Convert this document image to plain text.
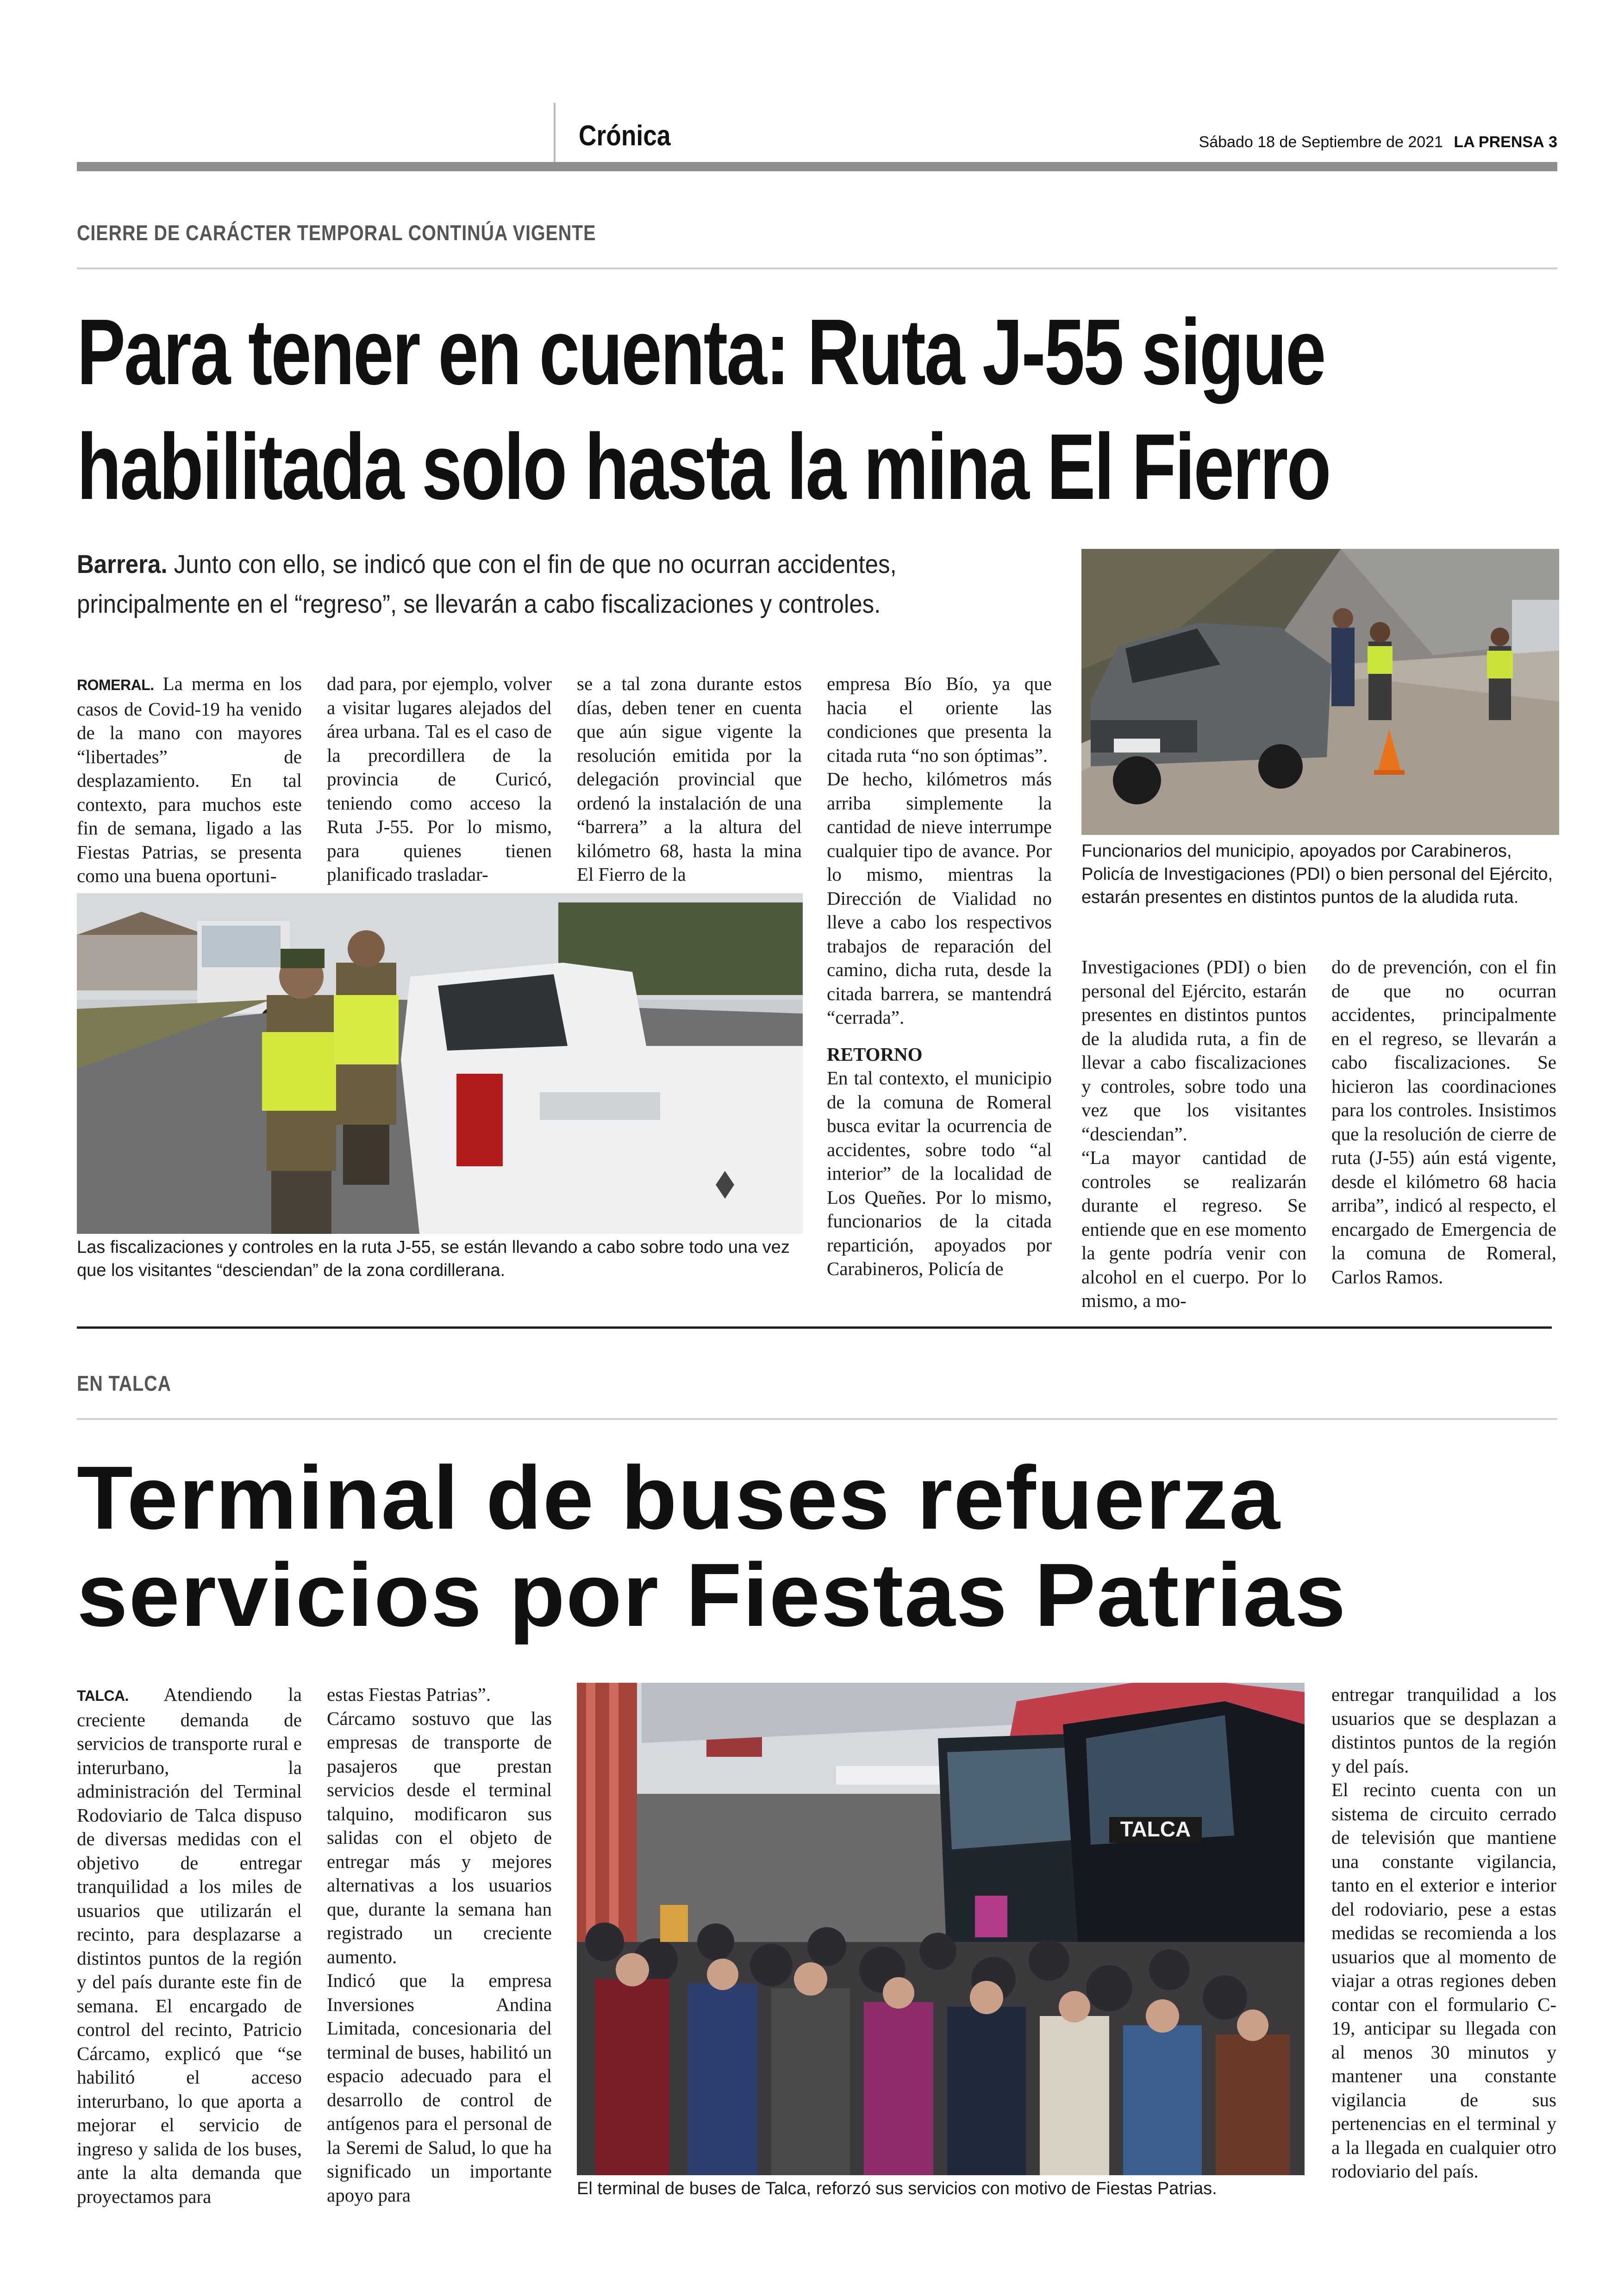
Crónica	Sábado 18 de Septiembre de 2021 LA PRENSA 3
CIERRE DE CARÁCTER TEMPORAL CONTINÚA VIGENTE
Para tener en cuenta: Ruta J-55 sigue
habilitada solo hasta la mina El Fierro
Barrera. Junto con ello, se indicó que con el fin de que no ocurran accidentes,
principalmente en el “regreso”, se llevarán a cabo fiscalizaciones y controles.
Funcionarios del municipio, apoyados por Carabineros, Policía de Investigaciones (PDI) o bien personal del Ejército, estarán presentes en distintos puntos de la aludida ruta.

ROMERAL. La merma en los casos de Covid-19 ha venido de la mano con mayores “libertades” de desplazamiento. En tal contexto, para muchos este fin de semana, ligado a las Fiestas Patrias, se presenta como una buena oportuni-

dad para, por ejemplo, volver a visitar lugares alejados del área urbana. Tal es el caso de la precordillera de la provincia de Curicó, teniendo como acceso la Ruta J-55. Por lo mismo, para quienes tienen planificado trasladar-

se a tal zona durante estos días, deben tener en cuenta que aún sigue vigente la resolución emitida por la delegación provincial que ordenó la instalación de una “barrera” a la altura del kilómetro 68, hasta la mina El Fierro de la

empresa Bío Bío, ya que hacia el oriente las condiciones que presenta la citada ruta “no son óptimas”.

De hecho, kilómetros más arriba simplemente la cantidad de nieve interrumpe cualquier tipo de avance. Por lo mismo, mientras la Dirección de Vialidad no lleve a cabo los respectivos trabajos de reparación del camino, dicha ruta, desde la citada barrera, se mantendrá “cerrada”.

RETORNO

En tal contexto, el municipio de la comuna de Romeral busca evitar la ocurrencia de accidentes, sobre todo “al interior” de la localidad de Los Queñes. Por lo mismo, funcionarios de la citada repartición, apoyados por Carabineros, Policía de

Investigaciones (PDI) o bien personal del Ejército, estarán presentes en distintos puntos de la aludida ruta, a fin de llevar a cabo fiscalizaciones y controles, sobre todo una vez que los visitantes “desciendan”.

“La mayor cantidad de controles se realizarán durante el regreso. Se entiende que en ese momento la gente podría venir con alcohol en el cuerpo. Por lo mismo, a mo-

do de prevención, con el fin de que no ocurran accidentes, principalmente en el regreso, se llevarán a cabo fiscalizaciones. Se hicieron las coordinaciones para los controles. Insistimos que la resolución de cierre de ruta (J-55) aún está vigente, desde el kilómetro 68 hacia arriba”, indicó al respecto, el encargado de Emergencia de la comuna de Romeral, Carlos Ramos.

Las fiscalizaciones y controles en la ruta J-55, se están llevando a cabo sobre todo una vez que los visitantes “desciendan” de la zona cordillerana.
EN TALCA
Terminal de buses refuerza
servicios por Fiestas Patrias

TALCA. Atendiendo la creciente demanda de servicios de transporte rural e interurbano, la administración del Terminal Rodoviario de Talca dispuso de diversas medidas con el objetivo de entregar tranquilidad a los miles de usuarios que utilizarán el recinto, para desplazarse a distintos puntos de la región y del país durante este fin de semana. El encargado de control del recinto, Patricio Cárcamo, explicó que “se habilitó el acceso interurbano, lo que aporta a mejorar el servicio de ingreso y salida de los buses, ante la alta demanda que proyectamos para

estas Fiestas Patrias”.

Cárcamo sostuvo que las empresas de transporte de pasajeros que prestan servicios desde el terminal talquino, modificaron sus salidas con el objeto de entregar más y mejores alternativas a los usuarios que, durante la semana han registrado un creciente aumento.

Indicó que la empresa Inversiones Andina Limitada, concesionaria del terminal de buses, habilitó un espacio adecuado para el desarrollo de control de antígenos para el personal de la Seremi de Salud, lo que ha significado un importante apoyo para

entregar tranquilidad a los usuarios que se desplazan a distintos puntos de la región y del país.

El recinto cuenta con un sistema de circuito cerrado de televisión que mantiene una constante vigilancia, tanto en el exterior e interior del rodoviario, pese a estas medidas se recomienda a los usuarios que al momento de viajar a otras regiones deben contar con el formulario C-19, anticipar su llegada con al menos 30 minutos y mantener una constante vigilancia de sus pertenencias en el terminal y a la llegada en cualquier otro rodoviario del país.

TALCA
El terminal de buses de Talca, reforzó sus servicios con motivo de Fiestas Patrias.
